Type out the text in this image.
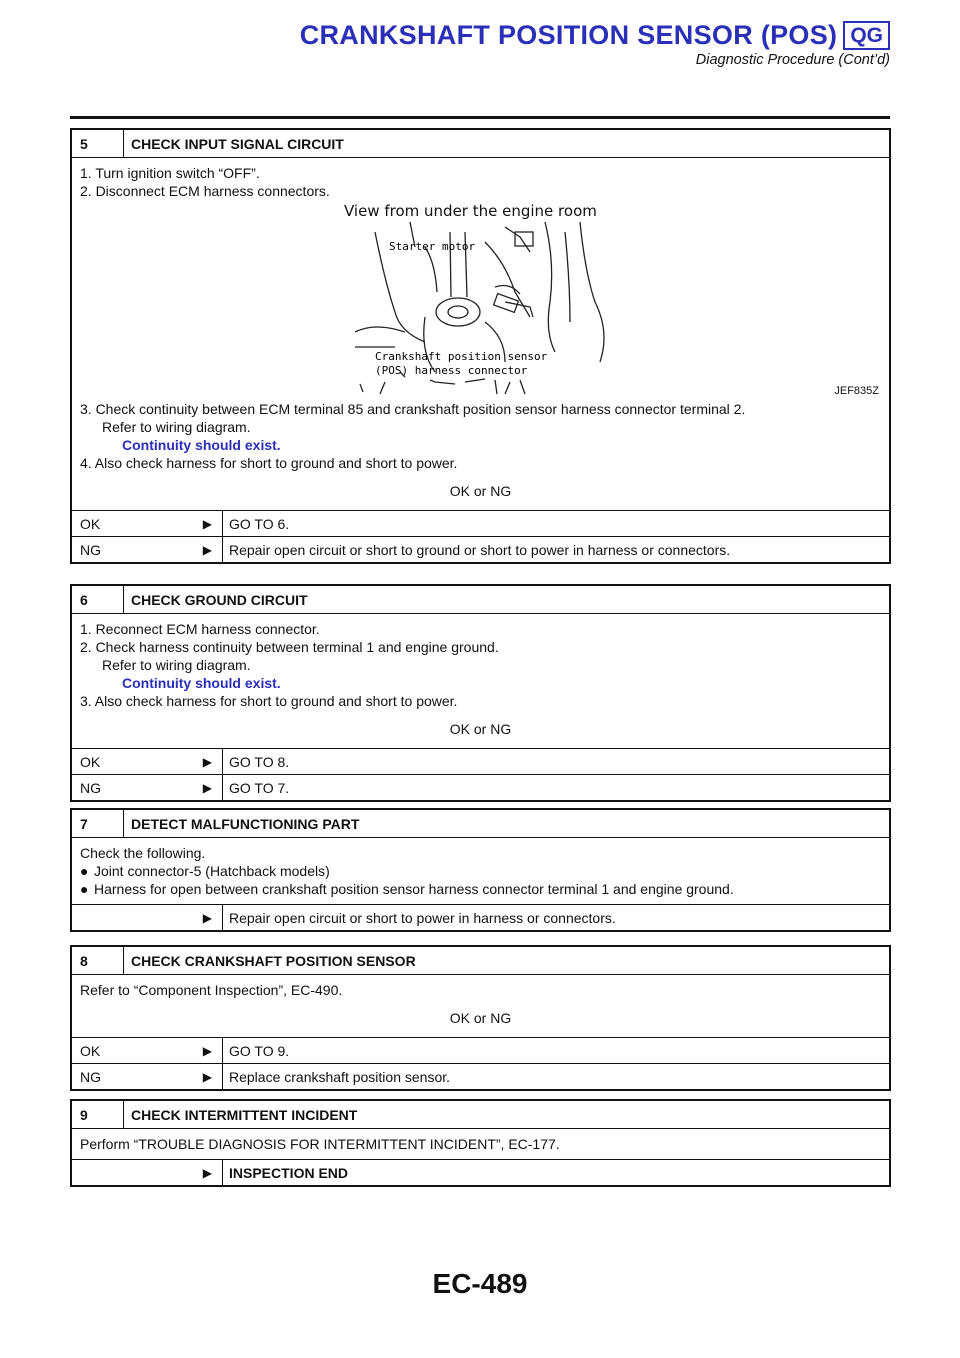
CRANKSHAFT POSITION SENSOR (POS) QG
Diagnostic Procedure (Cont’d)
5	CHECK INPUT SIGNAL CIRCUIT
1. Turn ignition switch “OFF”.
2. Disconnect ECM harness connectors.
View from under the engine room
Starter motor
Crankshaft position sensor
(POS) harness connector
JEF835Z
3. Check continuity between ECM terminal 85 and crankshaft position sensor harness connector terminal 2.
Refer to wiring diagram.
Continuity should exist.
4. Also check harness for short to ground and short to power.
OK or NG
OK	▶	GO TO 6.
NG	▶	Repair open circuit or short to ground or short to power in harness or connectors.
6	CHECK GROUND CIRCUIT
1. Reconnect ECM harness connector.
2. Check harness continuity between terminal 1 and engine ground.
Refer to wiring diagram.
Continuity should exist.
3. Also check harness for short to ground and short to power.
OK or NG
OK	▶	GO TO 8.
NG	▶	GO TO 7.
7	DETECT MALFUNCTIONING PART
Check the following.
● Joint connector-5 (Hatchback models)
● Harness for open between crankshaft position sensor harness connector terminal 1 and engine ground.
▶	Repair open circuit or short to power in harness or connectors.
8	CHECK CRANKSHAFT POSITION SENSOR
Refer to “Component Inspection”, EC-490.
OK or NG
OK	▶	GO TO 9.
NG	▶	Replace crankshaft position sensor.
9	CHECK INTERMITTENT INCIDENT
Perform “TROUBLE DIAGNOSIS FOR INTERMITTENT INCIDENT”, EC-177.
▶	INSPECTION END
EC-489
